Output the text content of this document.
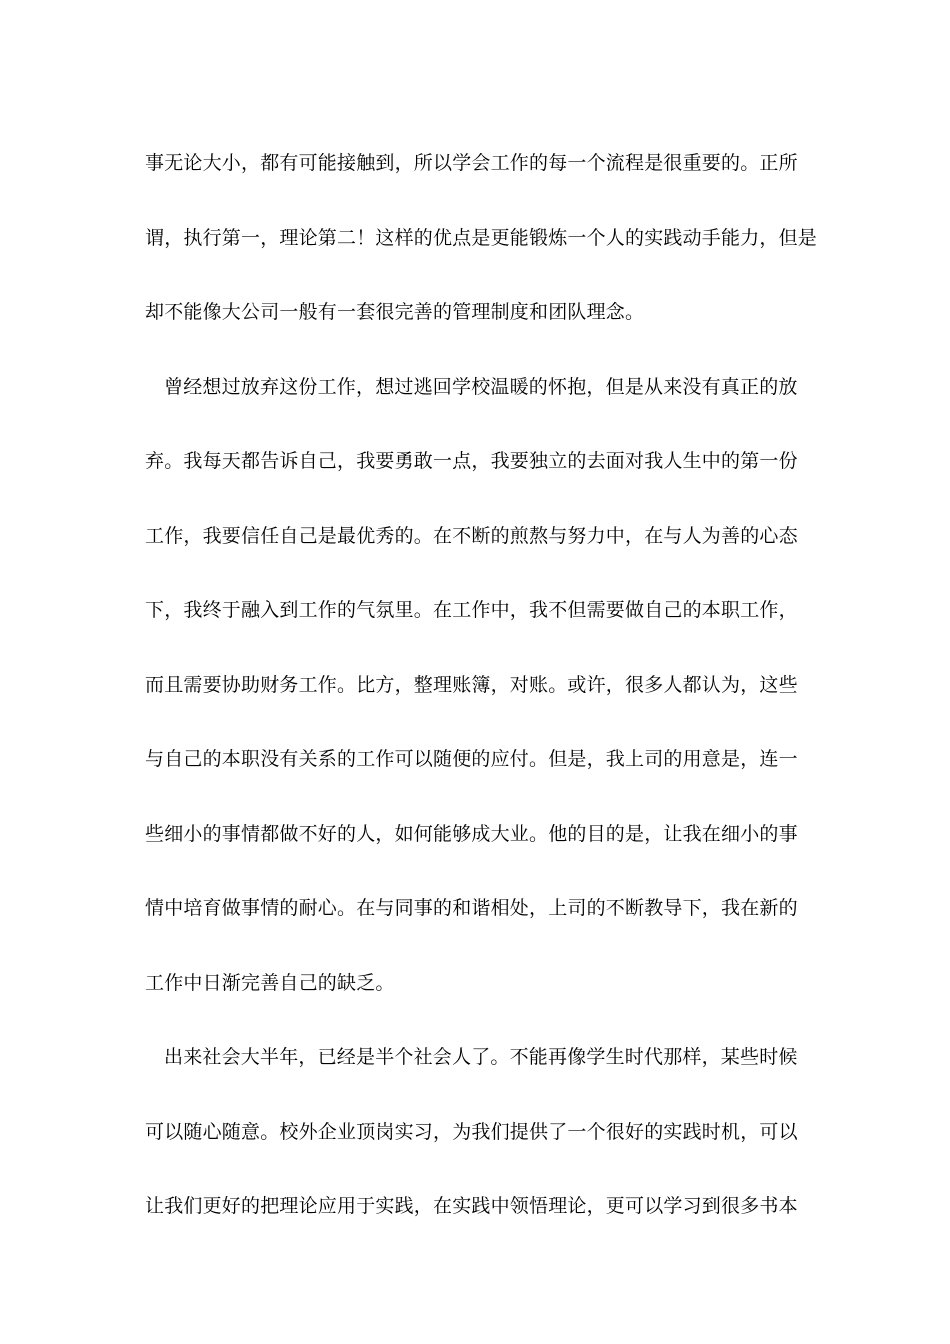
事无论大小，都有可能接触到，所以学会工作的每一个流程是很重要的。正所
谓，执行第一，理论第二！这样的优点是更能锻炼一个人的实践动手能力，但是
却不能像大公司一般有一套很完善的管理制度和团队理念。
曾经想过放弃这份工作，想过逃回学校温暖的怀抱，但是从来没有真正的放
弃。我每天都告诉自己，我要勇敢一点，我要独立的去面对我人生中的第一份
工作，我要信任自己是最优秀的。在不断的煎熬与努力中，在与人为善的心态
下，我终于融入到工作的气氛里。在工作中，我不但需要做自己的本职工作，
而且需要协助财务工作。比方，整理账簿，对账。或许，很多人都认为，这些
与自己的本职没有关系的工作可以随便的应付。但是，我上司的用意是，连一
些细小的事情都做不好的人，如何能够成大业。他的目的是，让我在细小的事
情中培育做事情的耐心。在与同事的和谐相处，上司的不断教导下，我在新的
工作中日渐完善自己的缺乏。
出来社会大半年，已经是半个社会人了。不能再像学生时代那样，某些时候
可以随心随意。校外企业顶岗实习，为我们提供了一个很好的实践时机，可以
让我们更好的把理论应用于实践，在实践中领悟理论，更可以学习到很多书本
